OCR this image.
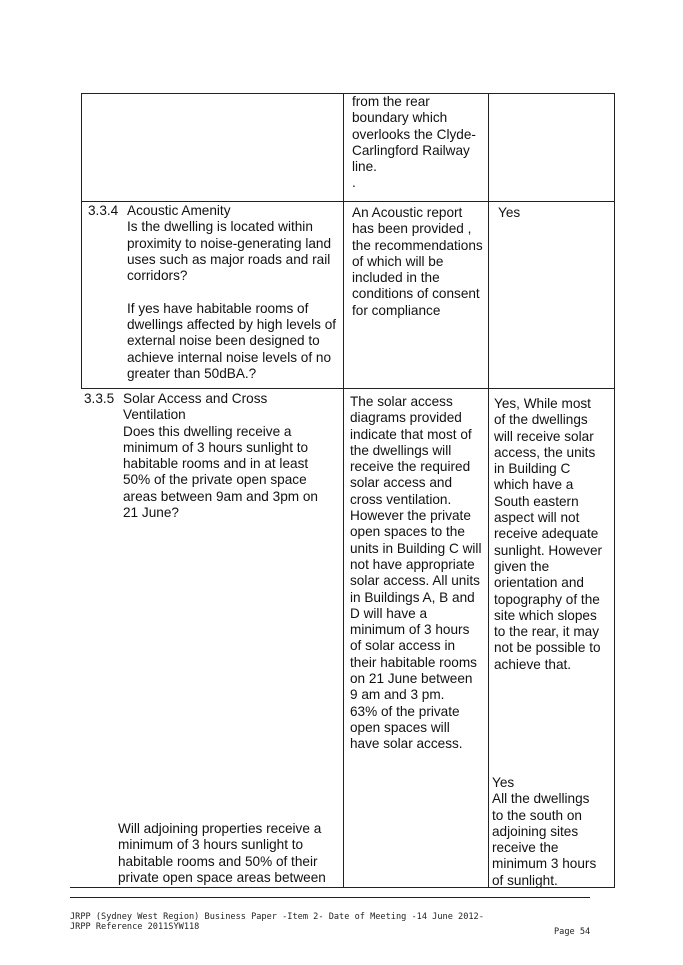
from the rear
boundary which
overlooks the Clyde-
Carlingford Railway
line.
.
3.3.4 Acoustic Amenity
Is the dwelling is located within
proximity to noise-generating land
uses such as major roads and rail
corridors?

If yes have habitable rooms of
dwellings affected by high levels of
external noise been designed to
achieve internal noise levels of no
greater than 50dBA.?
An Acoustic report
has been provided ,
the recommendations
of which will be
included in the
conditions of consent
for compliance
Yes
3.3.5 Solar Access and Cross
Ventilation
Does this dwelling receive a
minimum of 3 hours sunlight to
habitable rooms and in at least
50% of the private open space
areas between 9am and 3pm on
21 June?
The solar access
diagrams provided
indicate that most of
the dwellings will
receive the required
solar access and
cross ventilation.
However the private
open spaces to the
units in Building C will
not have appropriate
solar access. All units
in Buildings A, B and
D will have a
minimum of 3 hours
of solar access in
their habitable rooms
on 21 June between
9 am and 3 pm.
63% of the private
open spaces will
have solar access.
Yes, While most
of the dwellings
will receive solar
access, the units
in Building C
which have a
South eastern
aspect will not
receive adequate
sunlight. However
given the
orientation and
topography of the
site which slopes
to the rear, it may
not be possible to
achieve that.
Will adjoining properties receive a
minimum of 3 hours sunlight to
habitable rooms and 50% of their
private open space areas between
Yes
All the dwellings
to the south on
adjoining sites
receive the
minimum 3 hours
of sunlight.
JRPP (Sydney West Region) Business Paper -Item 2- Date of Meeting -14 June 2012-
JRPP Reference 2011SYW118	Page 54
